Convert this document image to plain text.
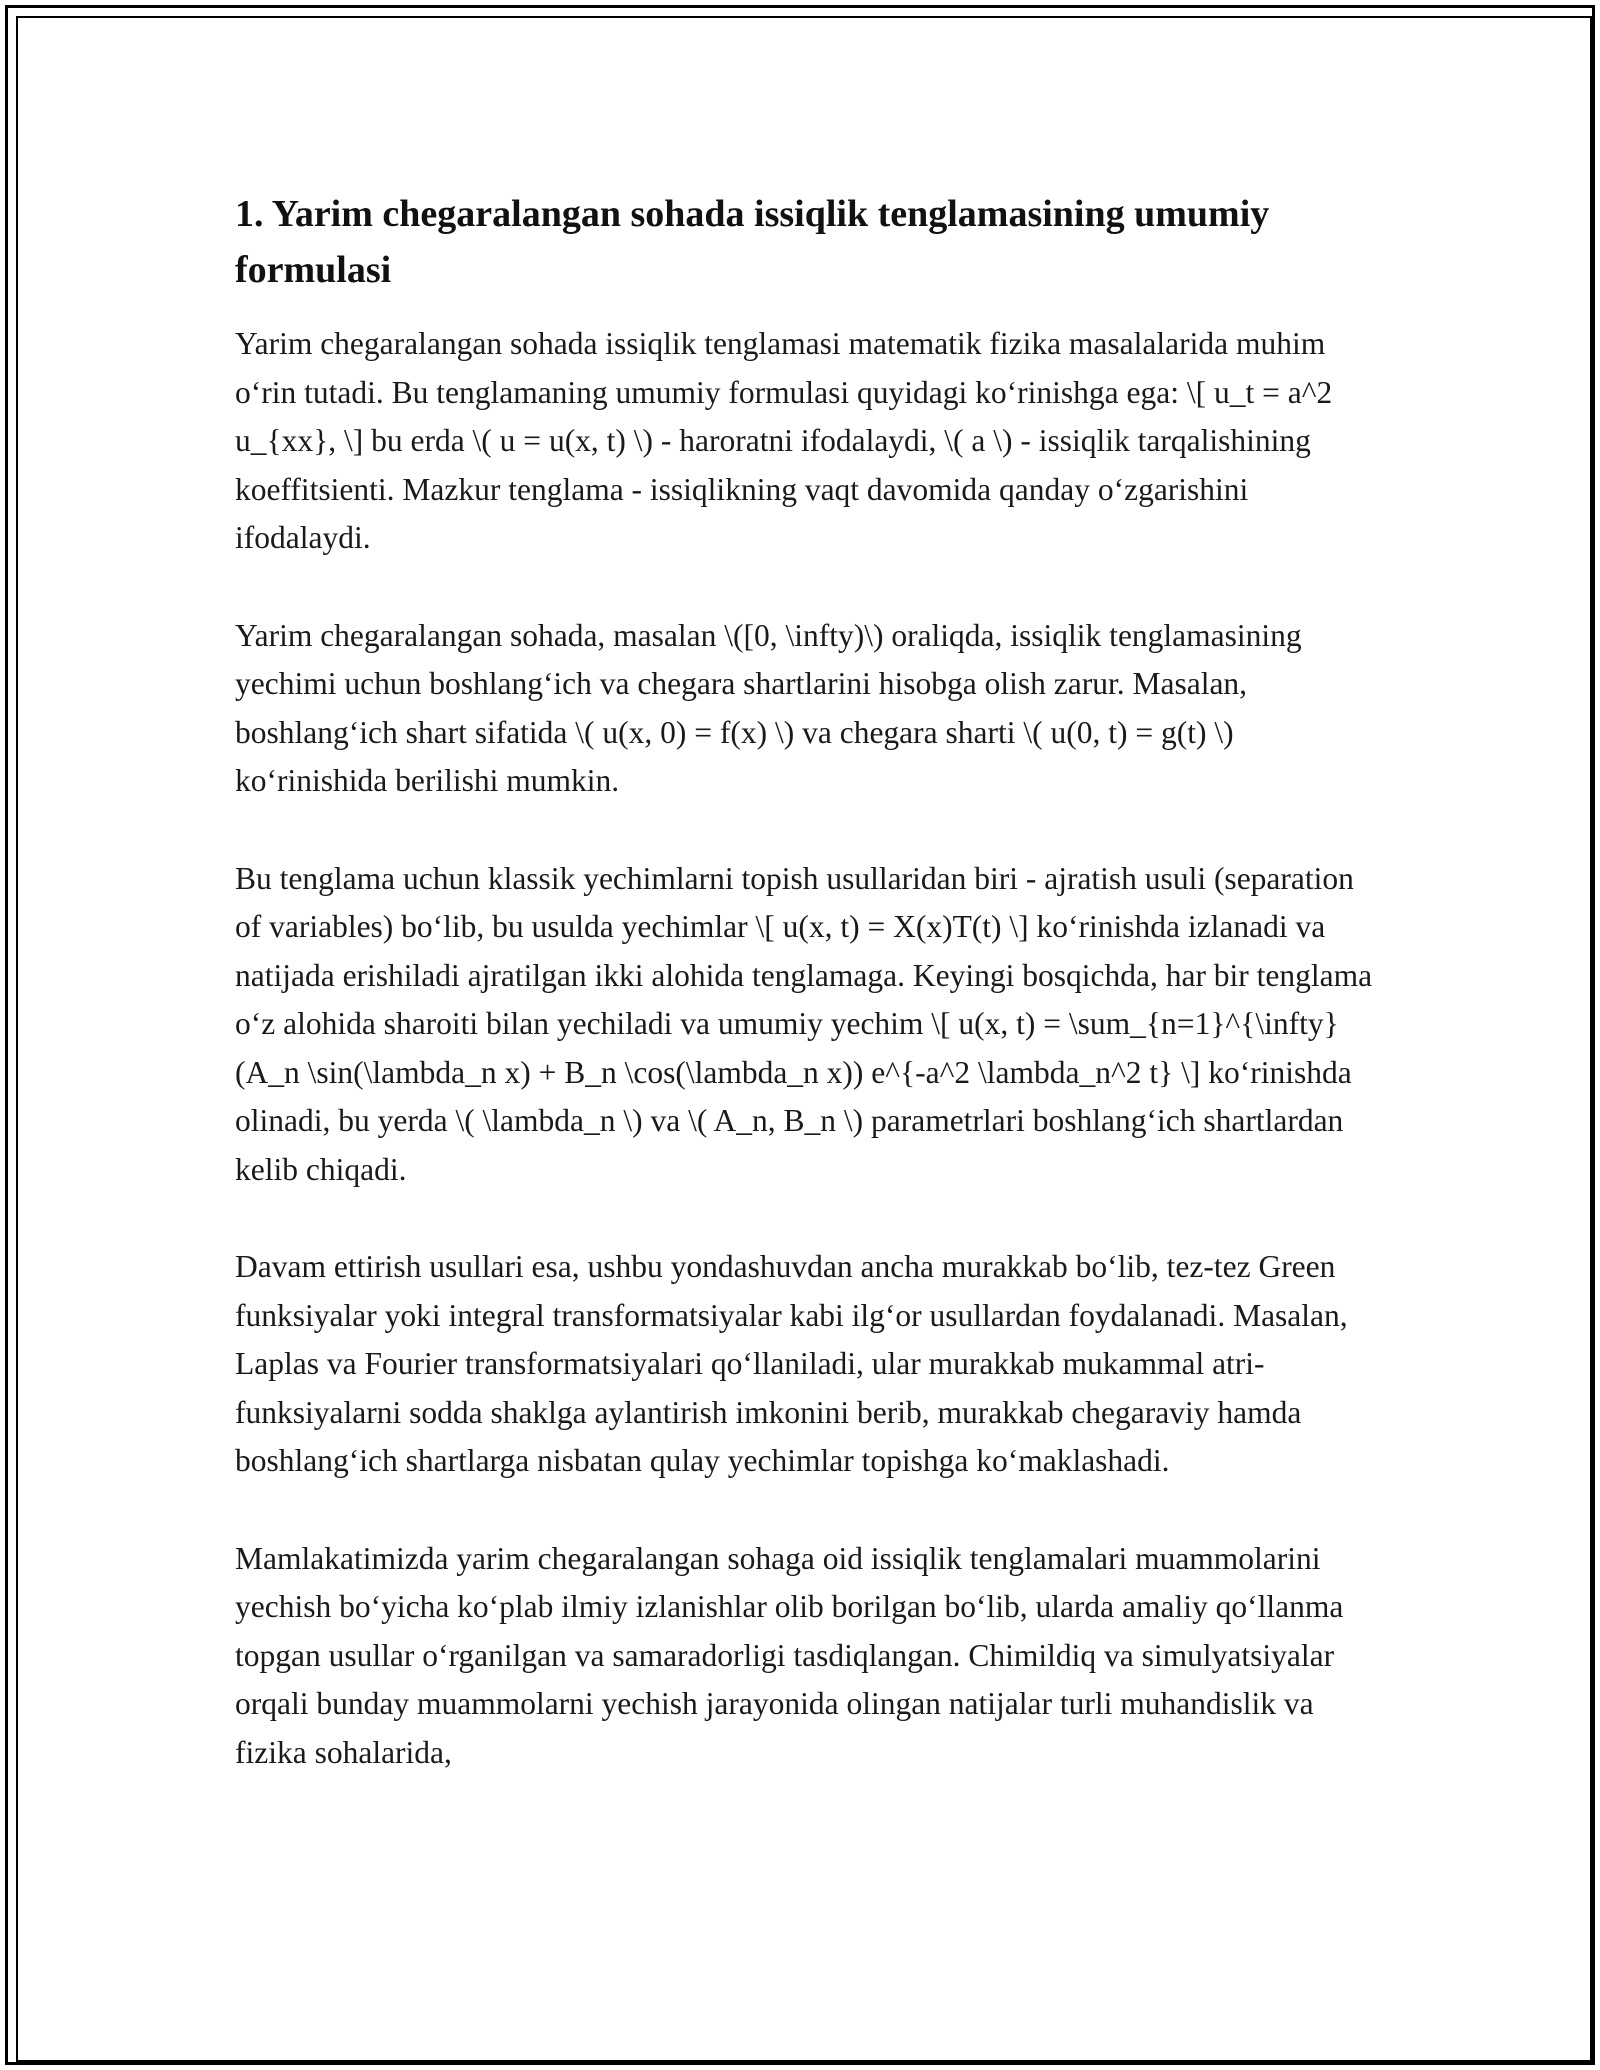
1. Yarim chegaralangan sohada issiqlik tenglamasining umumiy formulasi

Yarim chegaralangan sohada issiqlik tenglamasi matematik fizika masalalarida muhim o‘rin tutadi. Bu tenglamaning umumiy formulasi quyidagi ko‘rinishga ega: \[ u_t = a^2 u_{xx}, \] bu erda \( u = u(x, t) \) - haroratni ifodalaydi, \( a \) - issiqlik tarqalishining koeffitsienti. Mazkur tenglama - issiqlikning vaqt davomida qanday o‘zgarishini ifodalaydi.

Yarim chegaralangan sohada, masalan \([0, \infty)\) oraliqda, issiqlik tenglamasining yechimi uchun boshlang‘ich va chegara shartlarini hisobga olish zarur. Masalan, boshlang‘ich shart sifatida \( u(x, 0) = f(x) \) va chegara sharti \( u(0, t) = g(t) \) ko‘rinishida berilishi mumkin.

Bu tenglama uchun klassik yechimlarni topish usullaridan biri - ajratish usuli (separation of variables) bo‘lib, bu usulda yechimlar \[ u(x, t) = X(x)T(t) \] ko‘rinishda izlanadi va natijada erishiladi ajratilgan ikki alohida tenglamaga. Keyingi bosqichda, har bir tenglama o‘z alohida sharoiti bilan yechiladi va umumiy yechim \[ u(x, t) = \sum_{n=1}^{\infty} (A_n \sin(\lambda_n x) + B_n \cos(\lambda_n x)) e^{-a^2 \lambda_n^2 t} \] ko‘rinishda olinadi, bu yerda \( \lambda_n \) va \( A_n, B_n \) parametrlari boshlang‘ich shartlardan kelib chiqadi.

Davam ettirish usullari esa, ushbu yondashuvdan ancha murakkab bo‘lib, tez-tez Green funksiyalar yoki integral transformatsiyalar kabi ilg‘or usullardan foydalanadi. Masalan, Laplas va Fourier transformatsiyalari qo‘llaniladi, ular murakkab mukammal atri-funksiyalarni sodda shaklga aylantirish imkonini berib, murakkab chegaraviy hamda boshlang‘ich shartlarga nisbatan qulay yechimlar topishga ko‘maklashadi.

Mamlakatimizda yarim chegaralangan sohaga oid issiqlik tenglamalari muammolarini yechish bo‘yicha ko‘plab ilmiy izlanishlar olib borilgan bo‘lib, ularda amaliy qo‘llanma topgan usullar o‘rganilgan va samaradorligi tasdiqlangan. Chimildiq va simulyatsiyalar orqali bunday muammolarni yechish jarayonida olingan natijalar turli muhandislik va fizika sohalarida,
